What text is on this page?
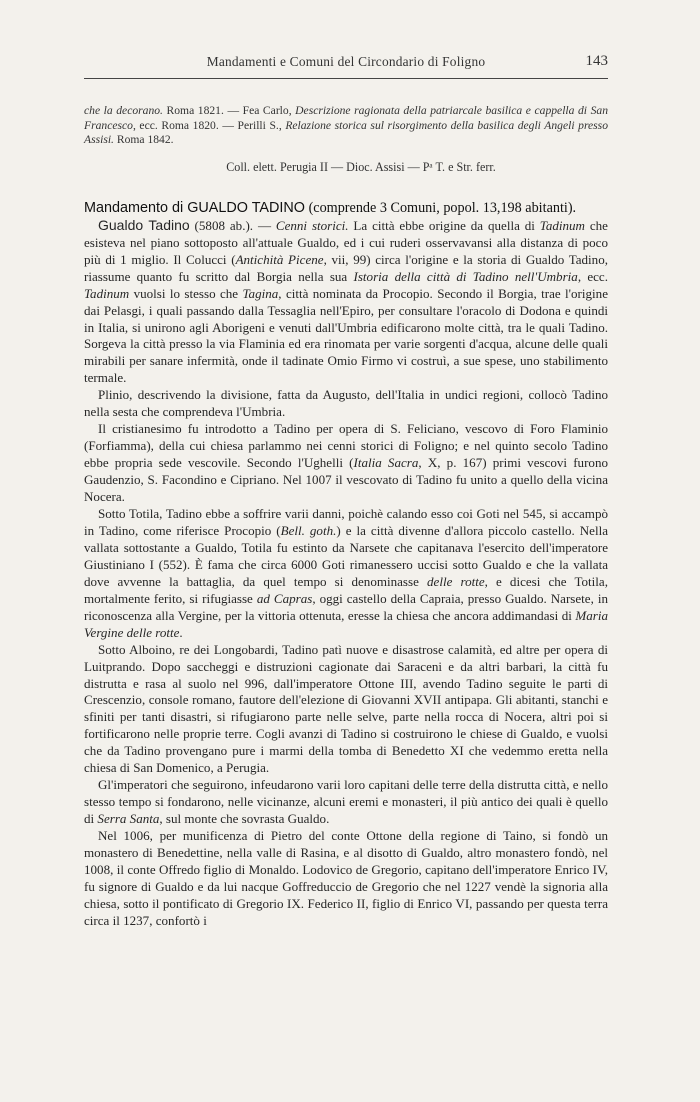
Mandamenti e Comuni del Circondario di Foligno	143
che la decorano. Roma 1821. — Fea Carlo, Descrizione ragionata della patriarcale basilica e cappella di San Francesco, ecc. Roma 1820. — Perilli S., Relazione storica sul risorgimento della basilica degli Angeli presso Assisi. Roma 1842.
Coll. elett. Perugia II — Dioc. Assisi — Pᵃ T. e Str. ferr.
Mandamento di GUALDO TADINO (comprende 3 Comuni, popol. 13,198 abitanti).

Gualdo Tadino (5808 ab.). — Cenni storici. La città ebbe origine da quella di Tadinum che esisteva nel piano sottoposto all'attuale Gualdo, ed i cui ruderi osservavansi alla distanza di poco più di 1 miglio. Il Colucci (Antichità Picene, vii, 99) circa l'origine e la storia di Gualdo Tadino, riassume quanto fu scritto dal Borgia nella sua Istoria della città di Tadino nell'Umbria, ecc. Tadinum vuolsi lo stesso che Tagina, città nominata da Procopio. Secondo il Borgia, trae l'origine dai Pelasgi, i quali passando dalla Tessaglia nell'Epiro, per consultare l'oracolo di Dodona e quindi in Italia, si unirono agli Aborigeni e venuti dall'Umbria edificarono molte città, tra le quali Tadino. Sorgeva la città presso la via Flaminia ed era rinomata per varie sorgenti d'acqua, alcune delle quali mirabili per sanare infermità, onde il tadinate Omio Firmo vi costruì, a sue spese, uno stabilimento termale.

Plinio, descrivendo la divisione, fatta da Augusto, dell'Italia in undici regioni, collocò Tadino nella sesta che comprendeva l'Umbria.

Il cristianesimo fu introdotto a Tadino per opera di S. Feliciano, vescovo di Foro Flaminio (Forfiamma), della cui chiesa parlammo nei cenni storici di Foligno; e nel quinto secolo Tadino ebbe propria sede vescovile. Secondo l'Ughelli (Italia Sacra, X, p. 167) primi vescovi furono Gaudenzio, S. Facondino e Cipriano. Nel 1007 il vescovato di Tadino fu unito a quello della vicina Nocera.

Sotto Totila, Tadino ebbe a soffrire varii danni, poichè calando esso coi Goti nel 545, si accampò in Tadino, come riferisce Procopio (Bell. goth.) e la città divenne d'allora piccolo castello. Nella vallata sottostante a Gualdo, Totila fu estinto da Narsete che capitanava l'esercito dell'imperatore Giustiniano I (552). È fama che circa 6000 Goti rimanessero uccisi sotto Gualdo e che la vallata dove avvenne la battaglia, da quel tempo si denominasse delle rotte, e dicesi che Totila, mortalmente ferito, si rifugiasse ad Capras, oggi castello della Capraia, presso Gualdo. Narsete, in riconoscenza alla Vergine, per la vittoria ottenuta, eresse la chiesa che ancora addimandasi di Maria Vergine delle rotte.

Sotto Alboino, re dei Longobardi, Tadino patì nuove e disastrose calamità, ed altre per opera di Luitprando. Dopo saccheggi e distruzioni cagionate dai Saraceni e da altri barbari, la città fu distrutta e rasa al suolo nel 996, dall'imperatore Ottone III, avendo Tadino seguite le parti di Crescenzio, console romano, fautore dell'elezione di Giovanni XVII antipapa. Gli abitanti, stanchi e sfiniti per tanti disastri, si rifugiarono parte nelle selve, parte nella rocca di Nocera, altri poi si fortificarono nelle proprie terre. Cogli avanzi di Tadino si costruirono le chiese di Gualdo, e vuolsi che da Tadino provengano pure i marmi della tomba di Benedetto XI che vedemmo eretta nella chiesa di San Domenico, a Perugia.

Gl'imperatori che seguirono, infeudarono varii loro capitani delle terre della distrutta città, e nello stesso tempo si fondarono, nelle vicinanze, alcuni eremi e monasteri, il più antico dei quali è quello di Serra Santa, sul monte che sovrasta Gualdo.

Nel 1006, per munificenza di Pietro del conte Ottone della regione di Taino, si fondò un monastero di Benedettine, nella valle di Rasina, e al disotto di Gualdo, altro monastero fondò, nel 1008, il conte Offredo figlio di Monaldo. Lodovico de Gregorio, capitano dell'imperatore Enrico IV, fu signore di Gualdo e da lui nacque Goffreduccio de Gregorio che nel 1227 vendè la signoria alla chiesa, sotto il pontificato di Gregorio IX. Federico II, figlio di Enrico VI, passando per questa terra circa il 1237, confortò i
